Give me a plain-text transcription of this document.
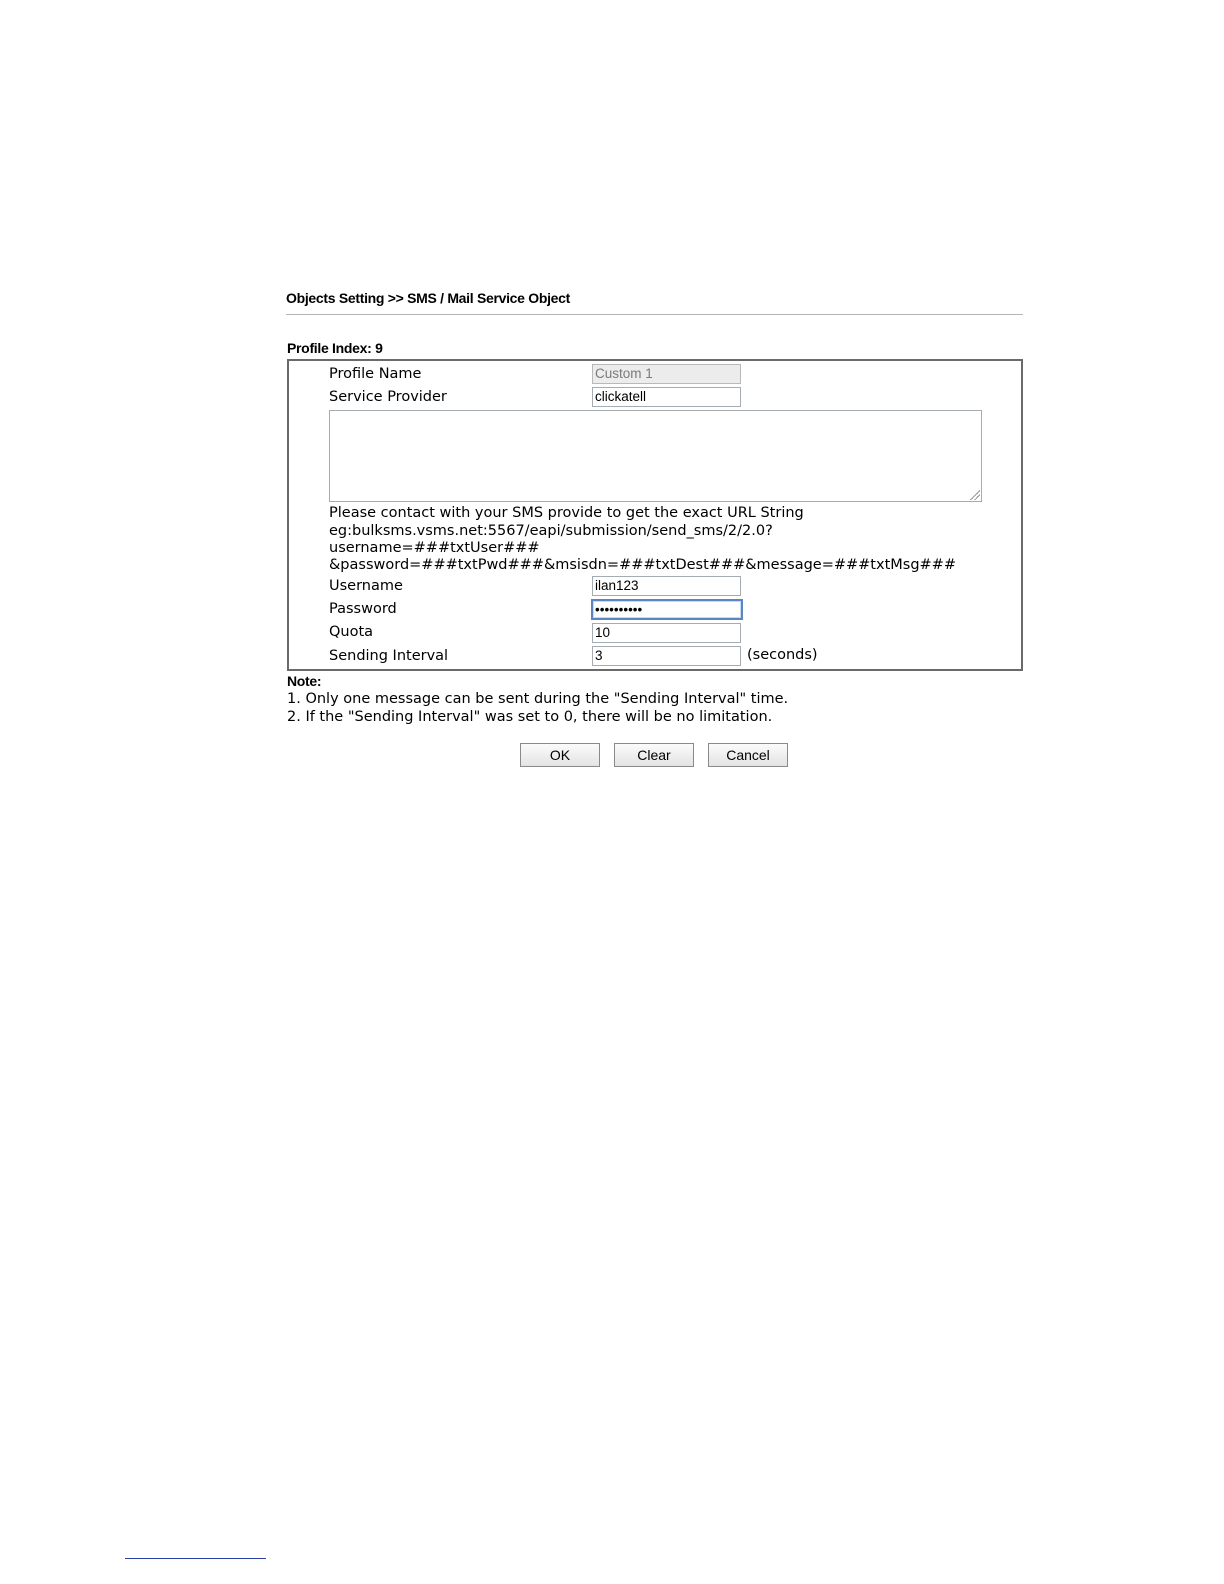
Objects Setting >> SMS / Mail Service Object
Profile Index: 9
Profile Name	Custom 1
Service Provider	clickatell
Please contact with your SMS provide to get the exact URL String
eg:bulksms.vsms.net:5567/eapi/submission/send_sms/2/2.0?
username=###txtUser###
&password=###txtPwd###&msisdn=###txtDest###&message=###txtMsg###
Username	ilan123
Password	••••••••••
Quota	10
Sending Interval	3	(seconds)
Note:
1. Only one message can be sent during the "Sending Interval" time.
2. If the "Sending Interval" was set to 0, there will be no limitation.
OK	Clear	Cancel
